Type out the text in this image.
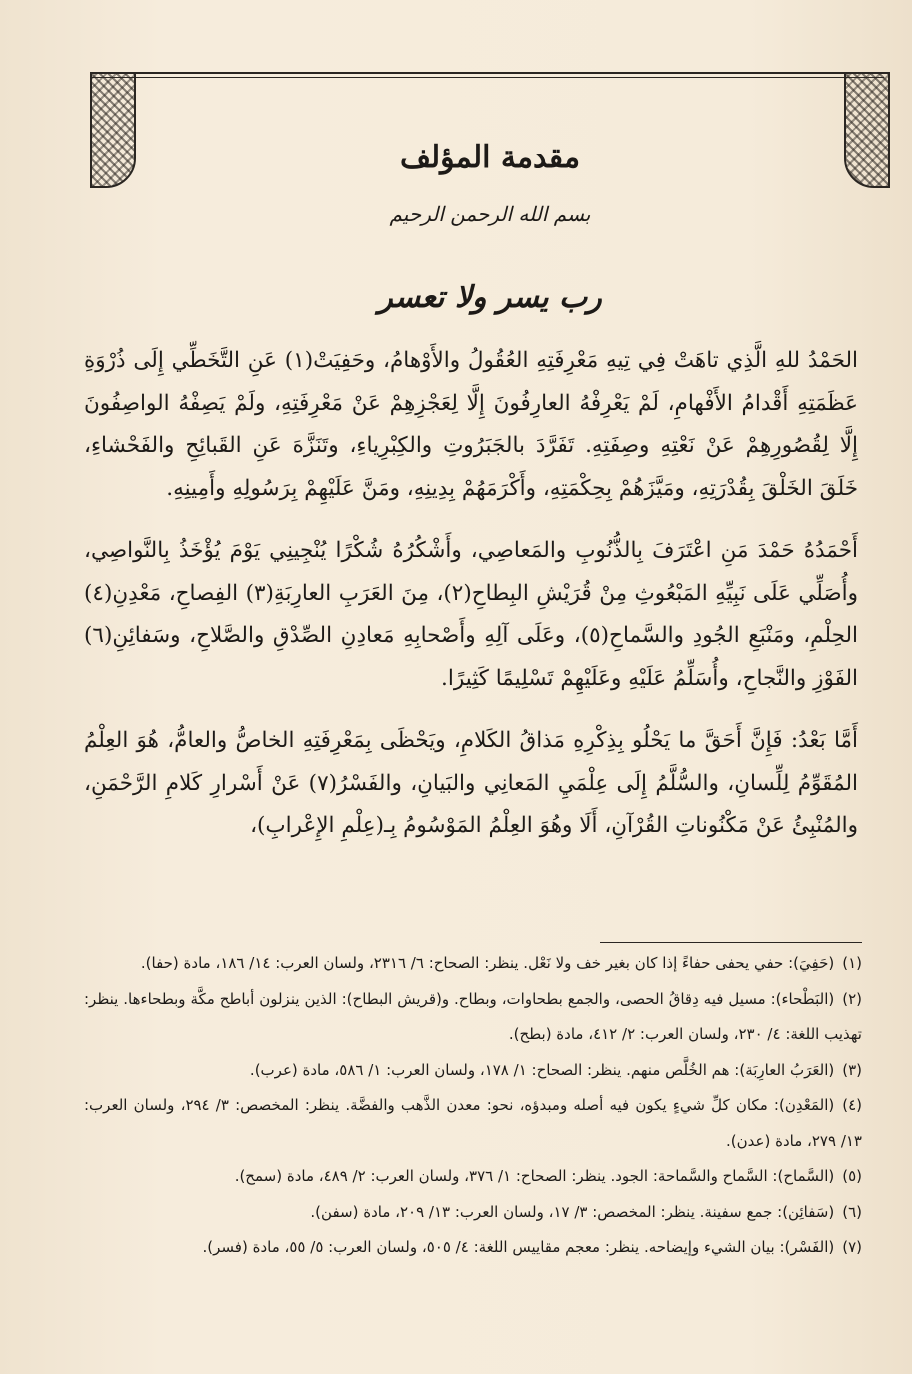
مقدمة المؤلف
بسم الله الرحمن الرحيم
رب يسر ولا تعسر

الحَمْدُ للهِ الَّذِي تاهَتْ فِي تِيهِ مَعْرِفَتِهِ العُقُولُ والأَوْهامُ، وحَفِيَتْ(١) عَنِ التَّخَطِّي إِلَى ذُرْوَةِ عَظَمَتِهِ أَقْدامُ الأَفْهامِ، لَمْ يَعْرِفْهُ العارِفُونَ إِلَّا لِعَجْزِهِمْ عَنْ مَعْرِفَتِهِ، ولَمْ يَصِفْهُ الواصِفُونَ إِلَّا لِقُصُورِهِمْ عَنْ نَعْتِهِ وصِفَتِهِ. تَفَرَّدَ بالجَبَرُوتِ والكِبْرِياءِ، وتَنَزَّهَ عَنِ القَبائِحِ والفَحْشاءِ، خَلَقَ الخَلْقَ بِقُدْرَتِهِ، ومَيَّزَهُمْ بِحِكْمَتِهِ، وأَكْرَمَهُمْ بِدِينِهِ، ومَنَّ عَلَيْهِمْ بِرَسُولِهِ وأَمِينِهِ.

أَحْمَدُهُ حَمْدَ مَنِ اعْتَرَفَ بِالذُّنُوبِ والمَعاصِي، وأَشْكُرُهُ شُكْرًا يُنْجِينِي يَوْمَ يُؤْخَذُ بِالنَّواصِي، وأُصَلِّي عَلَى نَبِيِّهِ المَبْعُوثِ مِنْ قُرَيْشِ البِطاحِ(٢)، مِنَ العَرَبِ العارِبَةِ(٣) الفِصاحِ، مَعْدِنِ(٤) الحِلْمِ، ومَنْبَعِ الجُودِ والسَّماحِ(٥)، وعَلَى آلِهِ وأَصْحابِهِ مَعادِنِ الصِّدْقِ والصَّلاحِ، وسَفائِنِ(٦) الفَوْزِ والنَّجاحِ، وأُسَلِّمُ عَلَيْهِ وعَلَيْهِمْ تَسْلِيمًا كَثِيرًا.

أَمَّا بَعْدُ: فَإِنَّ أَحَقَّ ما يَحْلُو بِذِكْرِهِ مَذاقُ الكَلامِ، ويَحْظَى بِمَعْرِفَتِهِ الخاصُّ والعامُّ، هُوَ العِلْمُ المُقَوِّمُ لِلِّسانِ، والسُّلَّمُ إِلَى عِلْمَيِ المَعانِي والبَيانِ، والفَسْرُ(٧) عَنْ أَسْرارِ كَلامِ الرَّحْمَنِ، والمُنْبِئُ عَنْ مَكْنُوناتِ القُرْآنِ، أَلَا وهُوَ العِلْمُ المَوْسُومُ بِـ(عِلْمِ الإِعْرابِ)،

(١)(حَفِيَ): حفي يحفى حفاءً إذا كان بغير خف ولا نَعْل. ينظر: الصحاح: ٦/ ٢٣١٦، ولسان العرب: ١٤/ ١٨٦، مادة (حفا).

(٢)(البَطْحاء): مسيل فيه دِقاقُ الحصى، والجمع بطحاوات، وبطاح. و(قريش البطاح): الذين ينزلون أباطح مكَّة وبطحاءها. ينظر: تهذيب اللغة: ٤/ ٢٣٠، ولسان العرب: ٢/ ٤١٢، مادة (بطح).

(٣)(العَرَبُ العارِبَة): هم الخُلَّص منهم. ينظر: الصحاح: ١/ ١٧٨، ولسان العرب: ١/ ٥٨٦، مادة (عرب).

(٤)(المَعْدِن): مكان كلِّ شيءٍ يكون فيه أصله ومبدؤه، نحو: معدن الذَّهب والفضَّة. ينظر: المخصص: ٣/ ٢٩٤، ولسان العرب: ١٣/ ٢٧٩، مادة (عدن).

(٥)(السَّماح): السَّماح والسَّماحة: الجود. ينظر: الصحاح: ١/ ٣٧٦، ولسان العرب: ٢/ ٤٨٩، مادة (سمح).

(٦)(سَفائِن): جمع سفينة. ينظر: المخصص: ٣/ ١٧، ولسان العرب: ١٣/ ٢٠٩، مادة (سفن).

(٧)(الفَسْر): بيان الشيء وإيضاحه. ينظر: معجم مقاييس اللغة: ٤/ ٥٠٥، ولسان العرب: ٥/ ٥٥، مادة (فسر).
